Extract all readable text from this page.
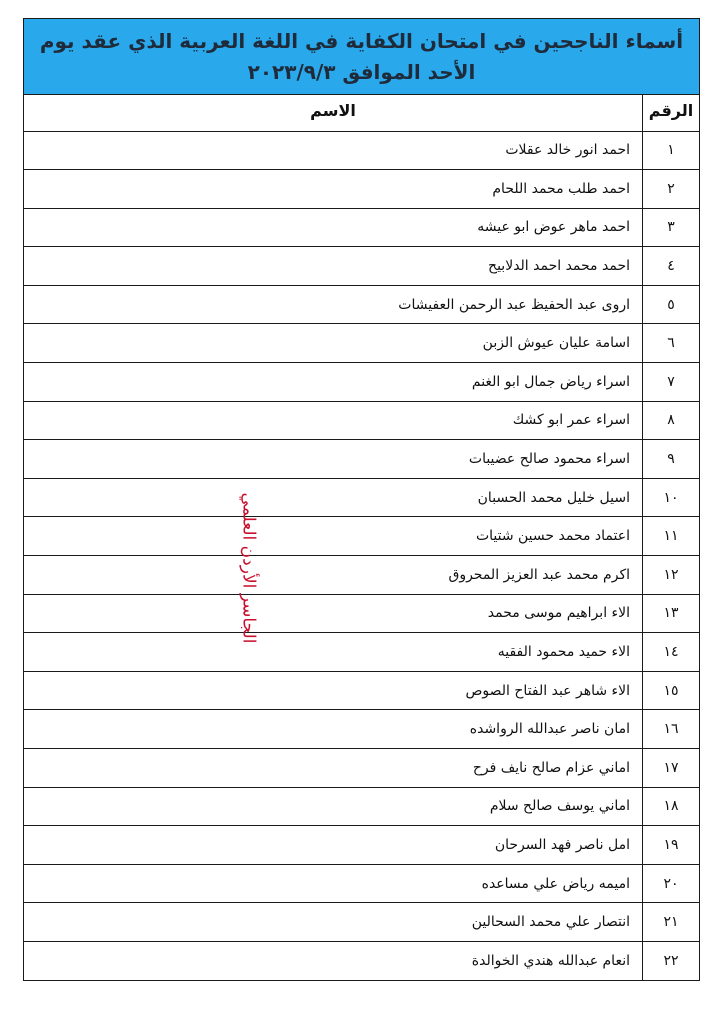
أسماء الناجحين في امتحان الكفاية في اللغة العربية الذي عقد يوم
الأحد الموافق ٢٠٢٣/٩/٣
الرقم	الاسم
١	احمد انور خالد عقلات
٢	احمد طلب محمد اللحام
٣	احمد ماهر عوض ابو عيشه
٤	احمد محمد احمد الدلابيح
٥	اروى عبد الحفيظ عبد الرحمن العفيشات
٦	اسامة عليان عيوش الزبن
٧	اسراء رياض جمال ابو الغنم
٨	اسراء عمر ابو كشك
٩	اسراء محمود صالح عضيبات
١٠	اسيل خليل محمد الحسبان
١١	اعتماد محمد حسين شتيات
١٢	اكرم محمد عبد العزيز المحروق
١٣	الاء ابراهيم موسى محمد
١٤	الاء حميد محمود الفقيه
١٥	الاء شاهر عبد الفتاح الصوص
١٦	امان ناصر عبدالله الرواشده
١٧	اماني عزام صالح نايف فرح
١٨	اماني يوسف صالح سلام
١٩	امل ناصر فهد السرحان
٢٠	اميمه رياض علي مساعده
٢١	انتصار علي محمد السحالين
٢٢	انعام عبدالله هندي الخوالدة
الجاسر الأردن العلمي
